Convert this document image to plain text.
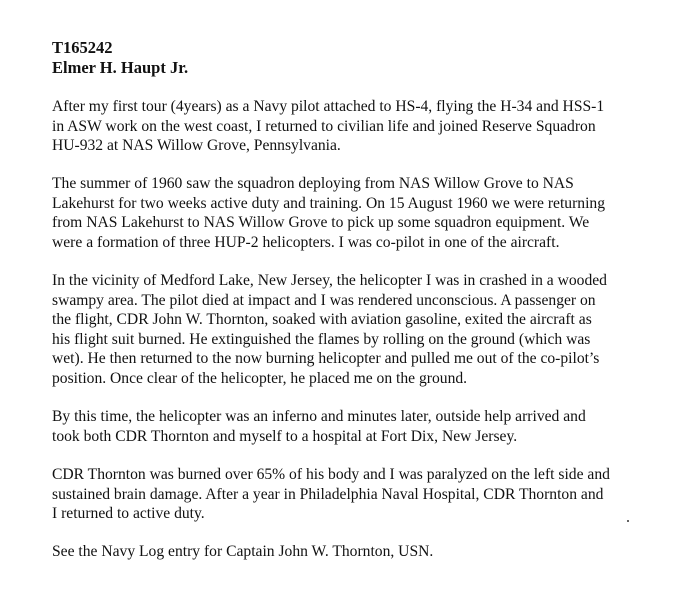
T165242
Elmer H. Haupt Jr.

After my first tour (4years) as a Navy pilot attached to HS-4, flying the H-34 and HSS-1
in ASW work on the west coast, I returned to civilian life and joined Reserve Squadron
HU-932 at NAS Willow Grove, Pennsylvania.

The summer of 1960 saw the squadron deploying from NAS Willow Grove to NAS
Lakehurst for two weeks active duty and training. On 15 August 1960 we were returning
from NAS Lakehurst to NAS Willow Grove to pick up some squadron equipment. We
were a formation of three HUP-2 helicopters. I was co-pilot in one of the aircraft.

In the vicinity of Medford Lake, New Jersey, the helicopter I was in crashed in a wooded
swampy area. The pilot died at impact and I was rendered unconscious. A passenger on
the flight, CDR John W. Thornton, soaked with aviation gasoline, exited the aircraft as
his flight suit burned. He extinguished the flames by rolling on the ground (which was
wet). He then returned to the now burning helicopter and pulled me out of the co-pilot’s
position. Once clear of the helicopter, he placed me on the ground.

By this time, the helicopter was an inferno and minutes later, outside help arrived and
took both CDR Thornton and myself to a hospital at Fort Dix, New Jersey.

CDR Thornton was burned over 65% of his body and I was paralyzed on the left side and
sustained brain damage. After a year in Philadelphia Naval Hospital, CDR Thornton and
I returned to active duty.

See the Navy Log entry for Captain John W. Thornton, USN.
